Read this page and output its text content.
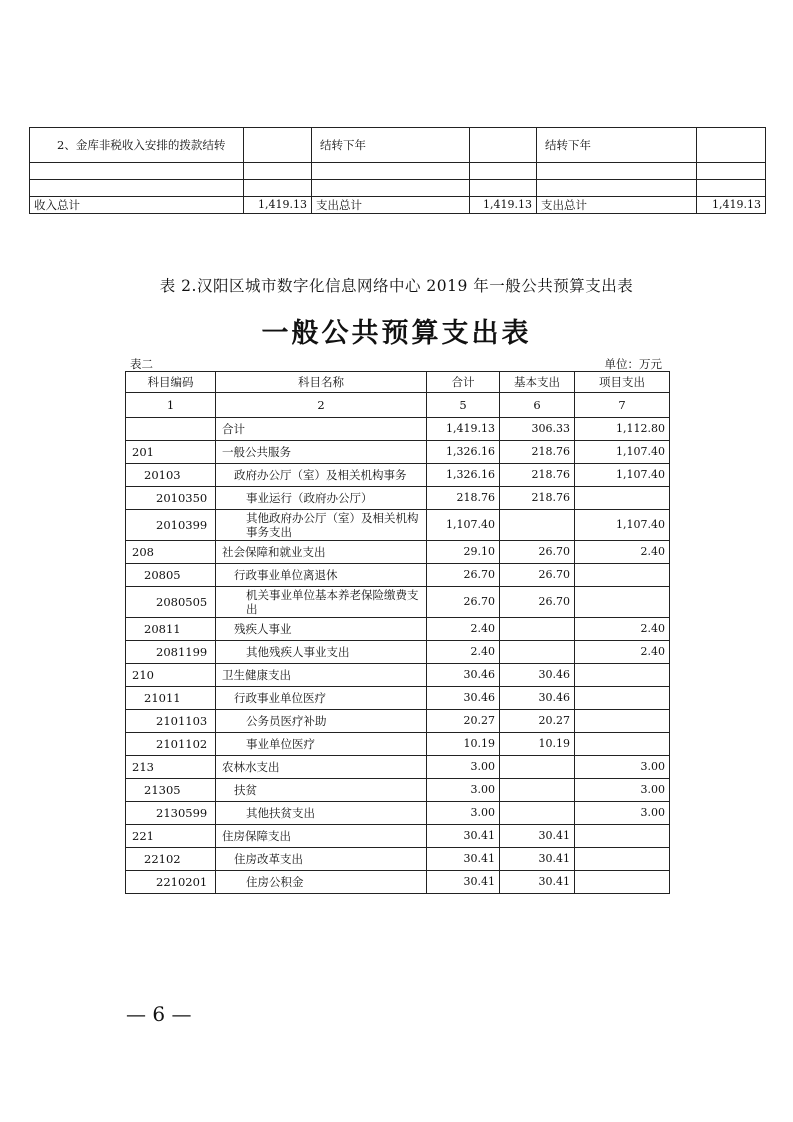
　　2、金库非税收入安排的拨款结转		结转下年		结转下年	

收入总计	1,419.13	支出总计	1,419.13	支出总计	1,419.13
表 2.汉阳区城市数字化信息网络中心 2019 年一般公共预算支出表
一般公共预算支出表
表二	单位：万元
科目编码	科目名称	合计	基本支出	项目支出
1	2	5	6	7
	合计	1,419.13	306.33	1,112.80
201	一般公共服务	1,326.16	218.76	1,107.40
20103	政府办公厅（室）及相关机构事务	1,326.16	218.76	1,107.40
2010350	事业运行（政府办公厅）	218.76	218.76	
2010399	其他政府办公厅（室）及相关机构事务支出	1,107.40		1,107.40
208	社会保障和就业支出	29.10	26.70	2.40
20805	行政事业单位离退休	26.70	26.70	
2080505	机关事业单位基本养老保险缴费支出	26.70	26.70	
20811	残疾人事业	2.40		2.40
2081199	其他残疾人事业支出	2.40		2.40
210	卫生健康支出	30.46	30.46	
21011	行政事业单位医疗	30.46	30.46	
2101103	公务员医疗补助	20.27	20.27	
2101102	事业单位医疗	10.19	10.19	
213	农林水支出	3.00		3.00
21305	扶贫	3.00		3.00
2130599	其他扶贫支出	3.00		3.00
221	住房保障支出	30.41	30.41	
22102	住房改革支出	30.41	30.41	
2210201	住房公积金	30.41	30.41	
— 6 —
